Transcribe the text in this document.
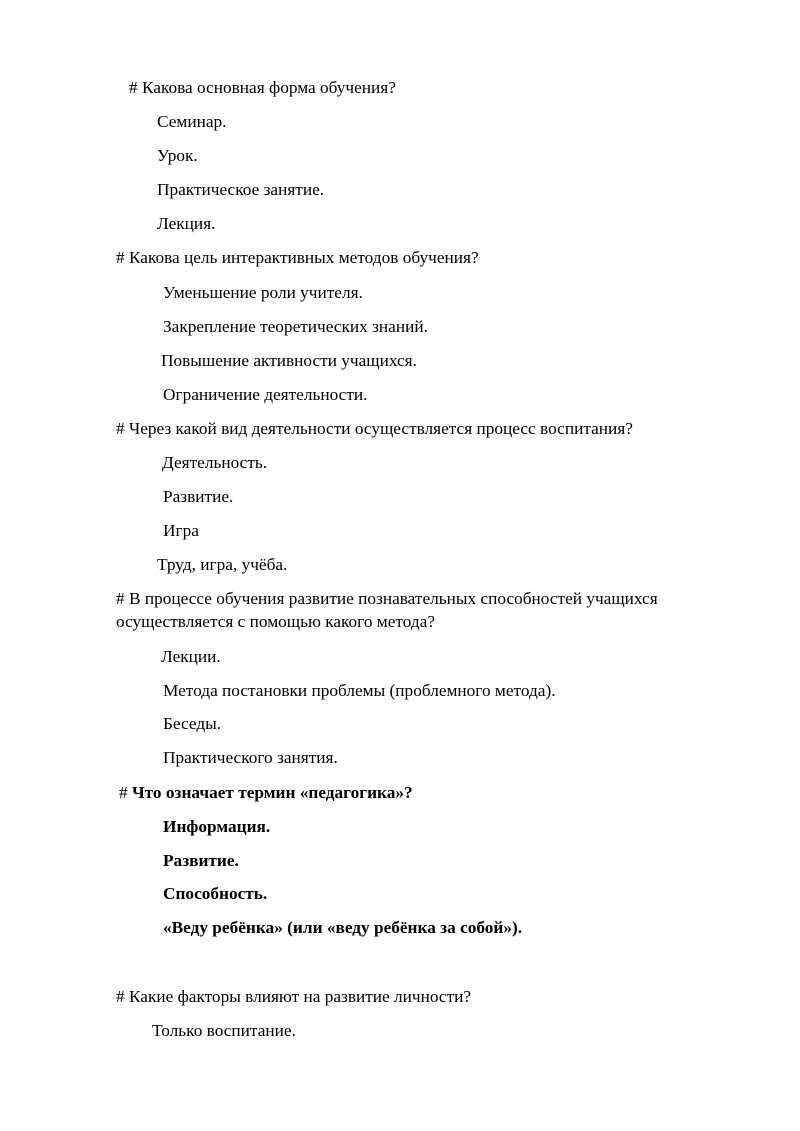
# Какова основная форма обучения?
Семинар.
Урок.
Практическое занятие.
Лекция.
# Какова цель интерактивных методов обучения?
Уменьшение роли учителя.
Закрепление теоретических знаний.
Повышение активности учащихся.
Ограничение деятельности.
# Через какой вид деятельности осуществляется процесс воспитания?
Деятельность.
Развитие.
Игра
Труд, игра, учёба.
# В процессе обучения развитие познавательных способностей учащихся
осуществляется с помощью какого метода?
Лекции.
Метода постановки проблемы (проблемного метода).
Беседы.
Практического занятия.
# Что означает термин «педагогика»?
Информация.
Развитие.
Способность.
«Веду ребёнка» (или «веду ребёнка за собой»).
# Какие факторы влияют на развитие личности?
Только воспитание.
